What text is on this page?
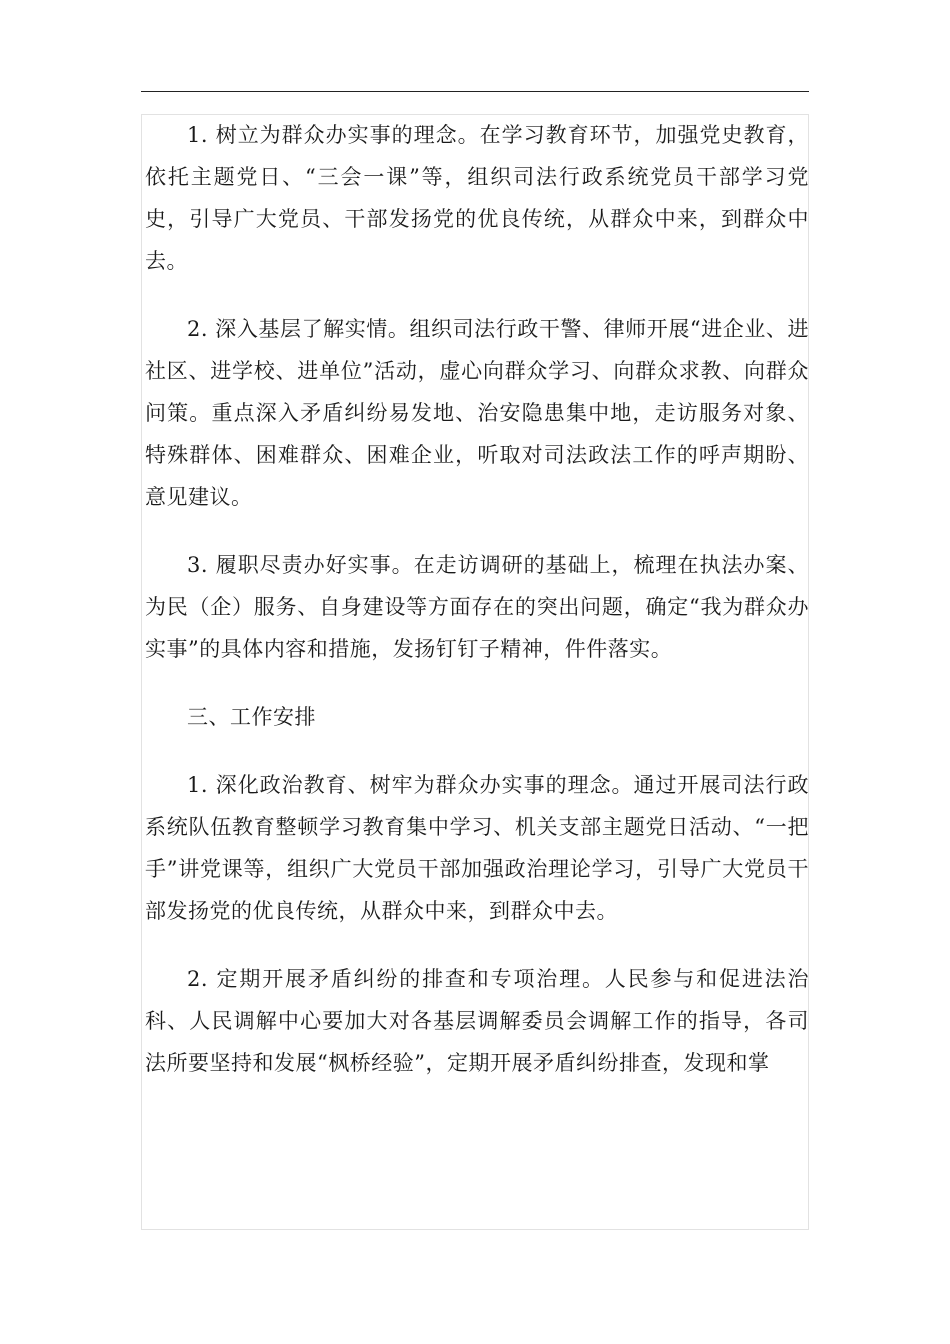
1. 树立为群众办实事的理念。在学习教育环节，加强党史教育，依托主题党日、“三会一课”等，组织司法行政系统党员干部学习党史，引导广大党员、干部发扬党的优良传统，从群众中来，到群众中去。

2. 深入基层了解实情。组织司法行政干警、律师开展“进企业、进社区、进学校、进单位”活动，虚心向群众学习、向群众求教、向群众问策。重点深入矛盾纠纷易发地、治安隐患集中地，走访服务对象、特殊群体、困难群众、困难企业，听取对司法政法工作的呼声期盼、意见建议。

3. 履职尽责办好实事。在走访调研的基础上，梳理在执法办案、为民（企）服务、自身建设等方面存在的突出问题，确定“我为群众办实事”的具体内容和措施，发扬钉钉子精神，件件落实。

三、工作安排

1. 深化政治教育、树牢为群众办实事的理念。通过开展司法行政系统队伍教育整顿学习教育集中学习、机关支部主题党日活动、“一把手”讲党课等，组织广大党员干部加强政治理论学习，引导广大党员干部发扬党的优良传统，从群众中来，到群众中去。

2. 定期开展矛盾纠纷的排查和专项治理。人民参与和促进法治科、人民调解中心要加大对各基层调解委员会调解工作的指导，各司法所要坚持和发展“枫桥经验”，定期开展矛盾纠纷排查，发现和掌
